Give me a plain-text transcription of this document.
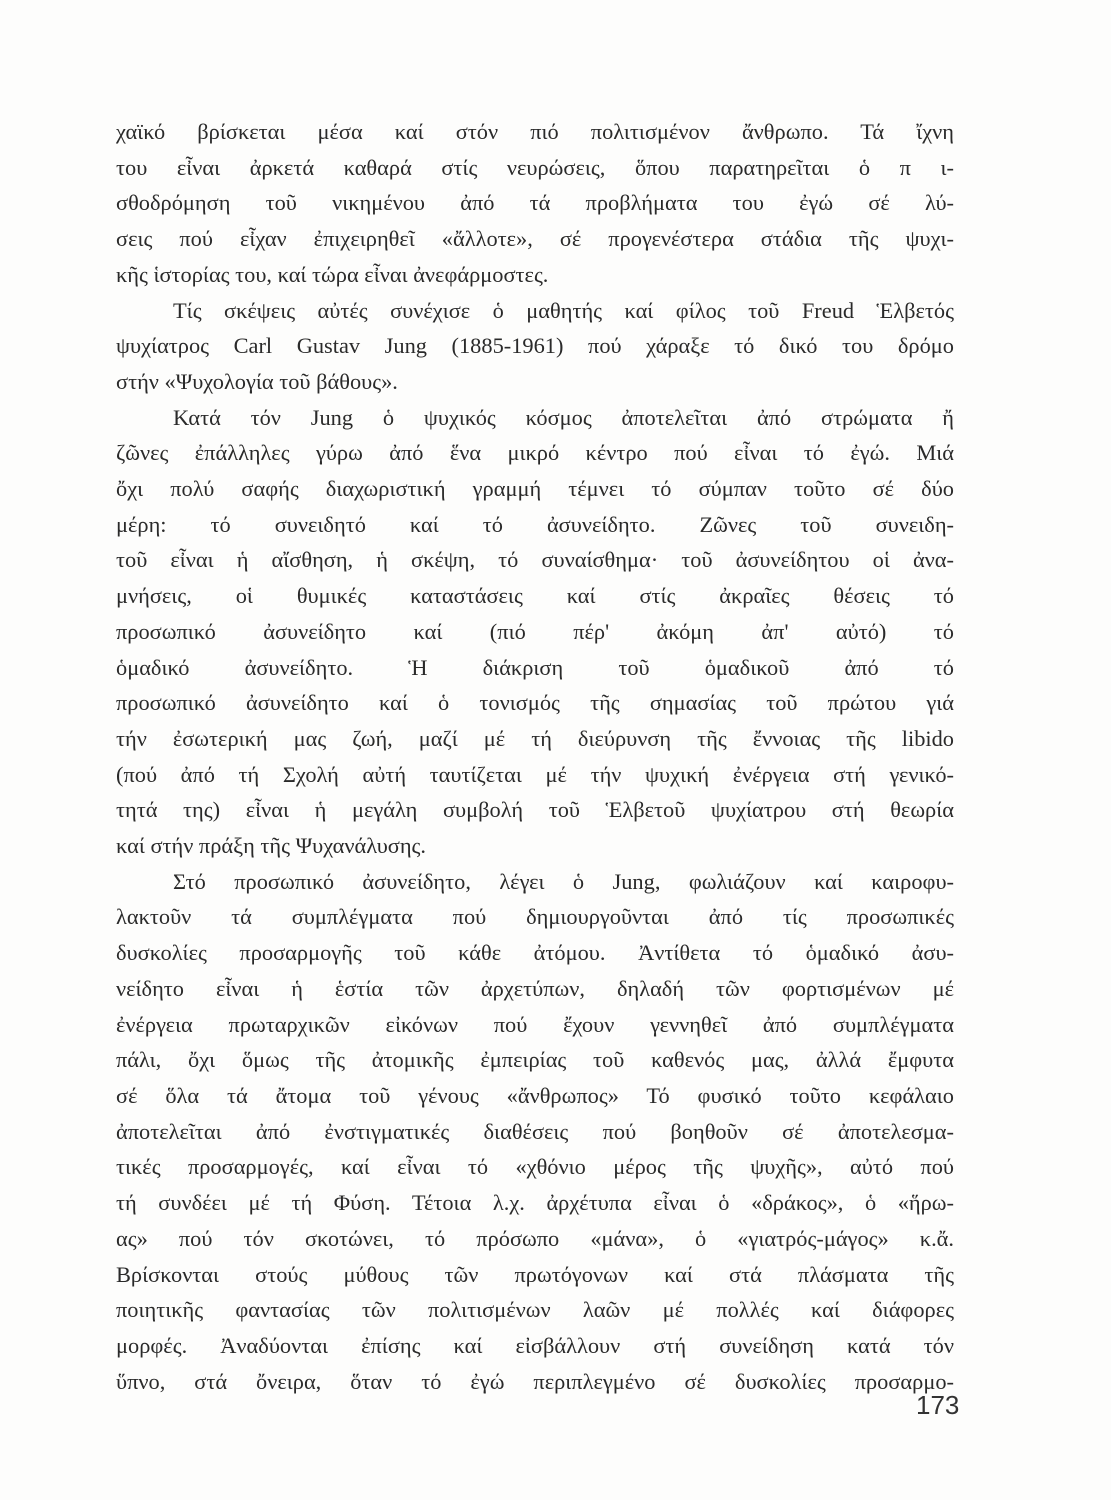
χαϊκό βρίσκεται μέσα καί στόν πιό πολιτισμένον ἄνθρωπο. Τά ἴχνη
του εἶναι ἀρκετά καθαρά στίς νευρώσεις, ὅπου παρατηρεῖται ὁ π ι-
σθοδρόμηση τοῦ νικημένου ἀπό τά προβλήματα του ἐγώ σέ λύ-
σεις πού εἶχαν ἐπιχειρηθεῖ «ἄλλοτε», σέ προγενέστερα στάδια τῆς ψυχι-
κῆς ἱστορίας του, καί τώρα εἶναι ἀνεφάρμοστες.

Τίς σκέψεις αὐτές συνέχισε ὁ μαθητής καί φίλος τοῦ Freud Ἑλβετός
ψυχίατρος Carl Gustav Jung (1885-1961) πού χάραξε τό δικό του δρόμο
στήν «Ψυχολογία τοῦ βάθους».

Κατά τόν Jung ὁ ψυχικός κόσμος ἀποτελεῖται ἀπό στρώματα ἤ
ζῶνες ἐπάλληλες γύρω ἀπό ἕνα μικρό κέντρο πού εἶναι τό ἐγώ. Μιά
ὄχι πολύ σαφής διαχωριστική γραμμή τέμνει τό σύμπαν τοῦτο σέ δύο
μέρη: τό συνειδητό καί τό ἀσυνείδητο. Ζῶνες τοῦ συνειδη-
τοῦ εἶναι ἡ αἴσθηση, ἡ σκέψη, τό συναίσθημα· τοῦ ἀσυνείδητου οἱ ἀνα-
μνήσεις, οἱ θυμικές καταστάσεις καί στίς ἀκραῖες θέσεις τό
προσωπικό ἀσυνείδητο καί (πιό πέρ' ἀκόμη ἀπ' αὐτό) τό
ὁμαδικό ἀσυνείδητο. Ἡ διάκριση τοῦ ὁμαδικοῦ ἀπό τό
προσωπικό ἀσυνείδητο καί ὁ τονισμός τῆς σημασίας τοῦ πρώτου γιά
τήν ἐσωτερική μας ζωή, μαζί μέ τή διεύρυνση τῆς ἔννοιας τῆς libido
(πού ἀπό τή Σχολή αὐτή ταυτίζεται μέ τήν ψυχική ἐνέργεια στή γενικό-
τητά της) εἶναι ἡ μεγάλη συμβολή τοῦ Ἑλβετοῦ ψυχίατρου στή θεωρία
καί στήν πράξη τῆς Ψυχανάλυσης.

Στό προσωπικό ἀσυνείδητο, λέγει ὁ Jung, φωλιάζουν καί καιροφυ-
λακτοῦν τά συμπλέγματα πού δημιουργοῦνται ἀπό τίς προσωπικές
δυσκολίες προσαρμογῆς τοῦ κάθε ἀτόμου. Ἀντίθετα τό ὁμαδικό ἀσυ-
νείδητο εἶναι ἡ ἑστία τῶν ἀρχετύπων, δηλαδή τῶν φορτισμένων μέ
ἐνέργεια πρωταρχικῶν εἰκόνων πού ἔχουν γεννηθεῖ ἀπό συμπλέγματα
πάλι, ὄχι ὅμως τῆς ἀτομικῆς ἐμπειρίας τοῦ καθενός μας, ἀλλά ἔμφυτα
σέ ὅλα τά ἄτομα τοῦ γένους «ἄνθρωπος» Τό φυσικό τοῦτο κεφάλαιο
ἀποτελεῖται ἀπό ἐνστιγματικές διαθέσεις πού βοηθοῦν σέ ἀποτελεσμα-
τικές προσαρμογές, καί εἶναι τό «χθόνιο μέρος τῆς ψυχῆς», αὐτό πού
τή συνδέει μέ τή Φύση. Τέτοια λ.χ. ἀρχέτυπα εἶναι ὁ «δράκος», ὁ «ἥρω-
ας» πού τόν σκοτώνει, τό πρόσωπο «μάνα», ὁ «γιατρός-μάγος» κ.ἄ.
Βρίσκονται στούς μύθους τῶν πρωτόγονων καί στά πλάσματα τῆς
ποιητικῆς φαντασίας τῶν πολιτισμένων λαῶν μέ πολλές καί διάφορες
μορφές. Ἀναδύονται ἐπίσης καί εἰσβάλλουν στή συνείδηση κατά τόν
ὕπνο, στά ὄνειρα, ὅταν τό ἐγώ περιπλεγμένο σέ δυσκολίες προσαρμο-

173
